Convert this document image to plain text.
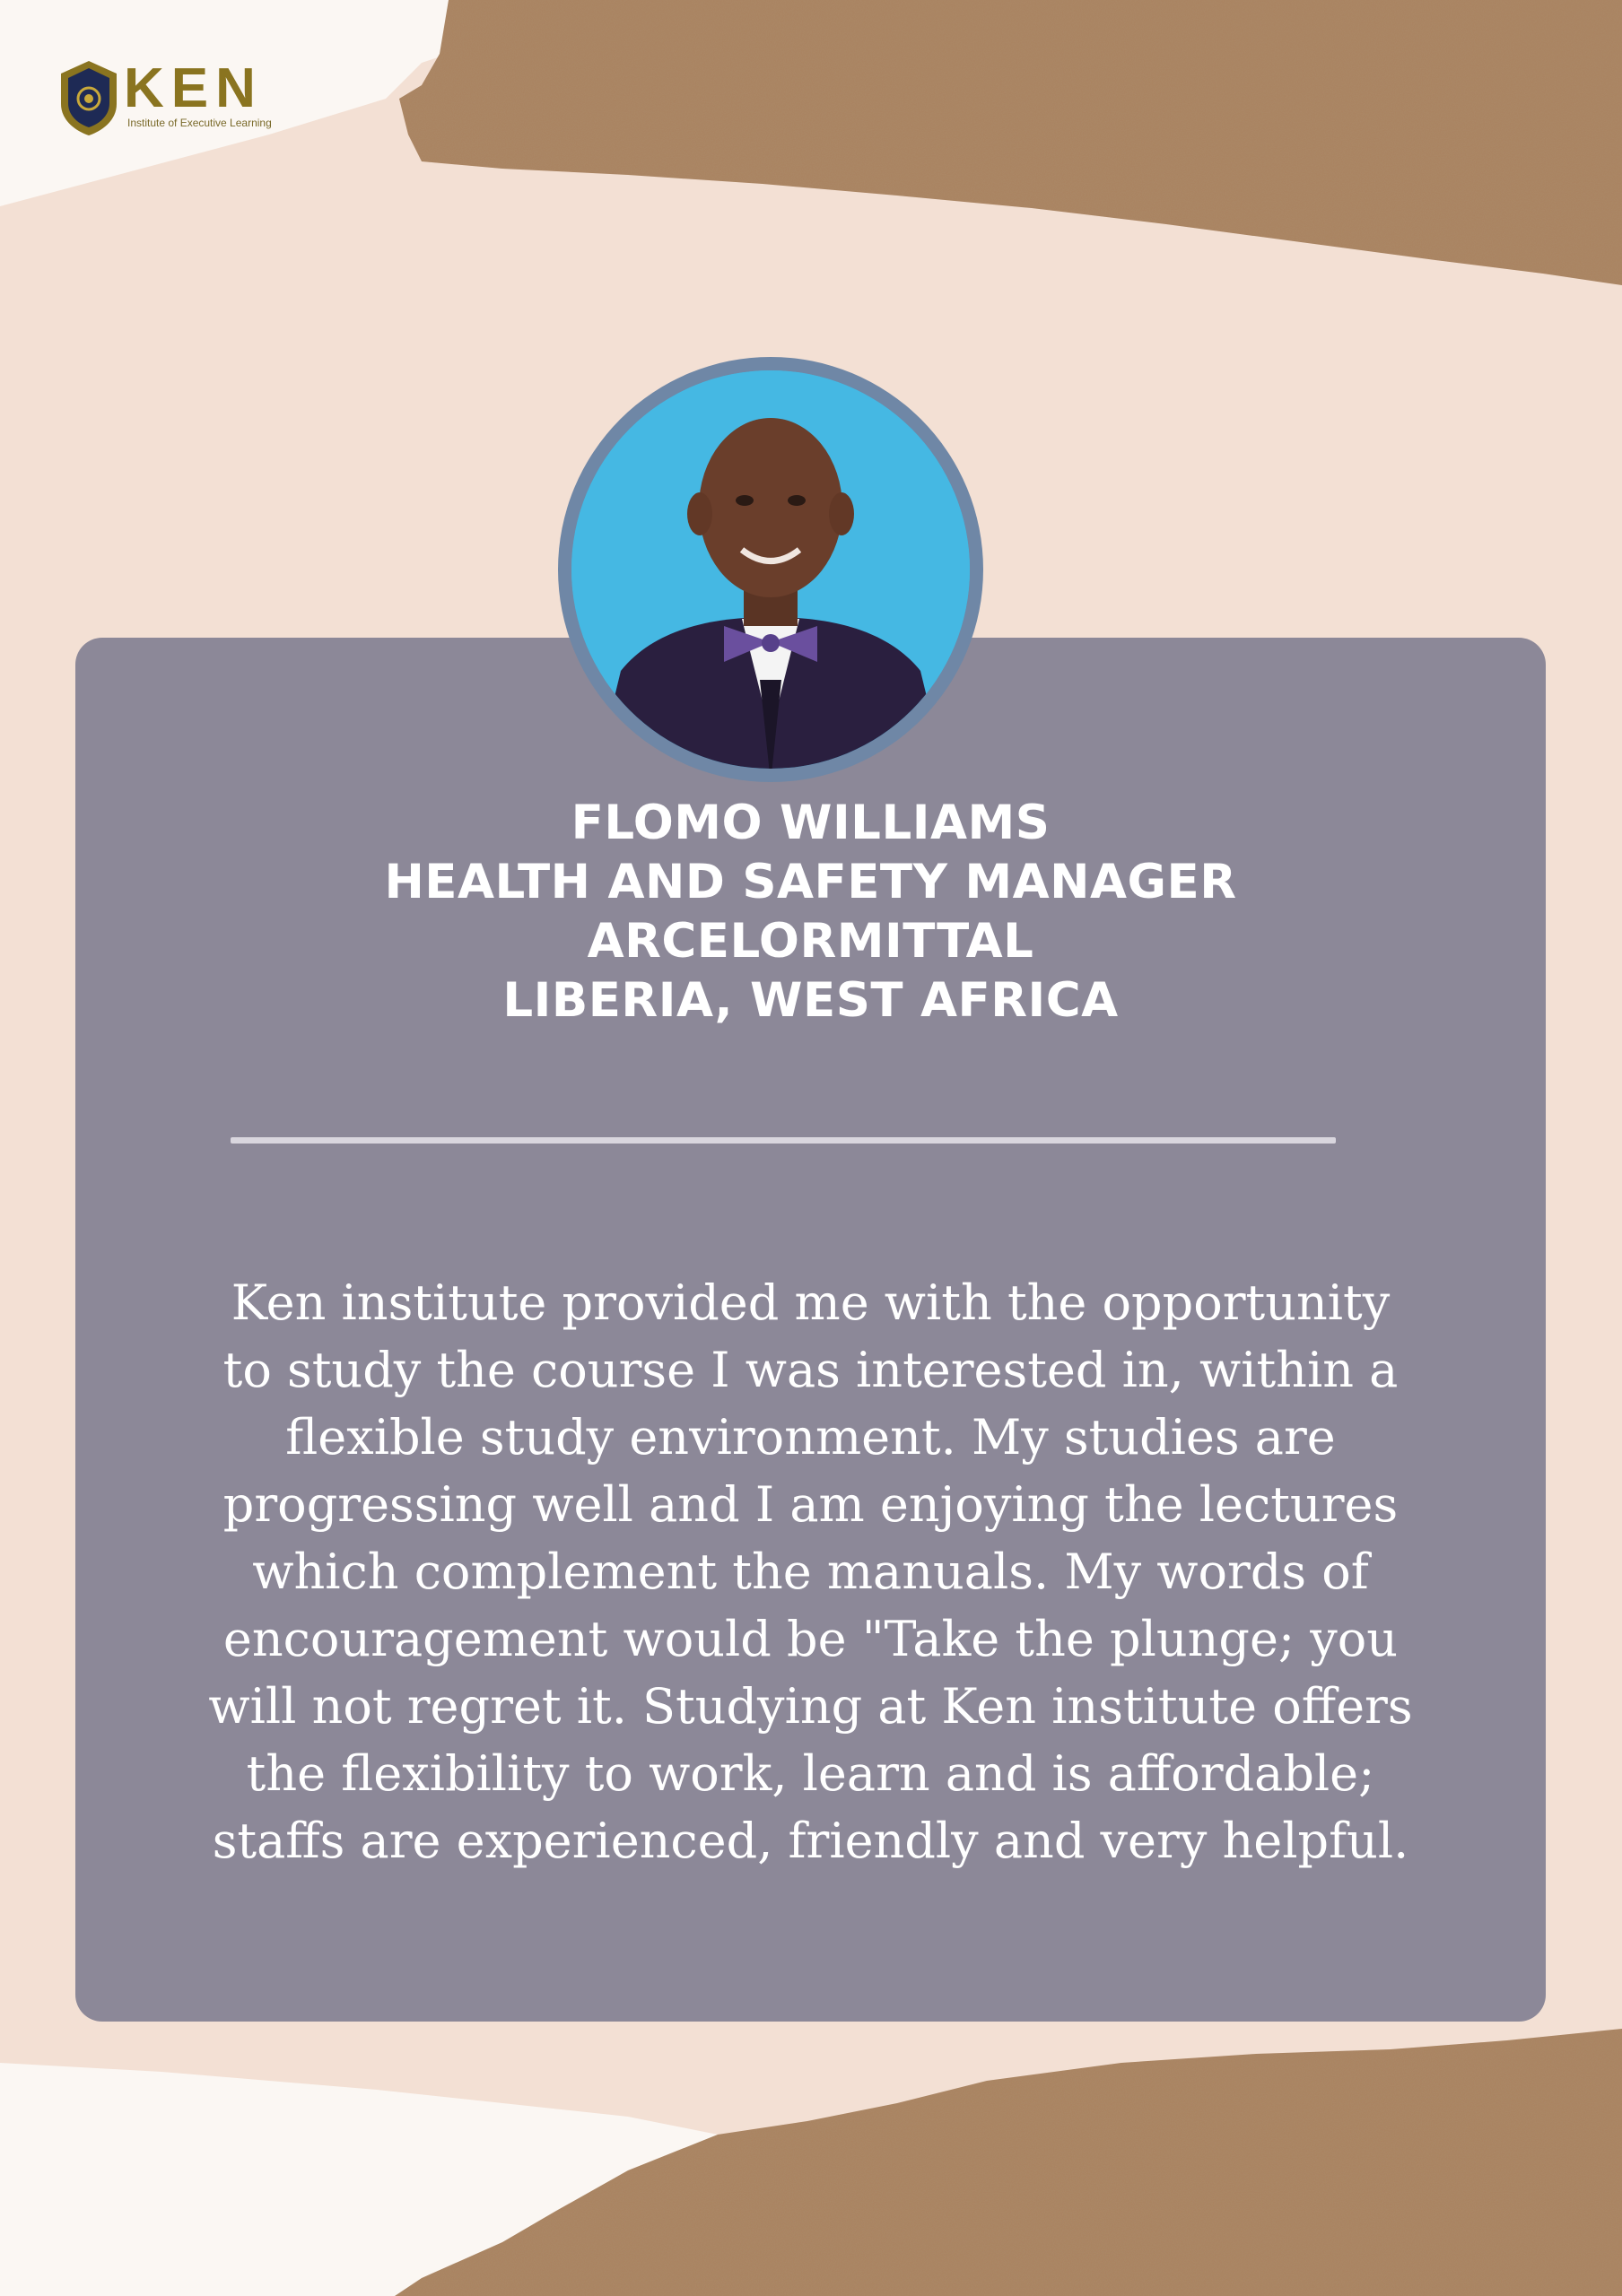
KEN
Institute of Executive Learning
FLOMO WILLIAMS
HEALTH AND SAFETY MANAGER
ARCELORMITTAL
LIBERIA, WEST AFRICA
Ken institute provided me with the opportunity
to study the course I was interested in, within a
flexible study environment. My studies are
progressing well and I am enjoying the lectures
which complement the manuals. My words of
encouragement would be "Take the plunge; you
will not regret it. Studying at Ken institute offers
the flexibility to work, learn and is affordable;
staffs are experienced, friendly and very helpful.
